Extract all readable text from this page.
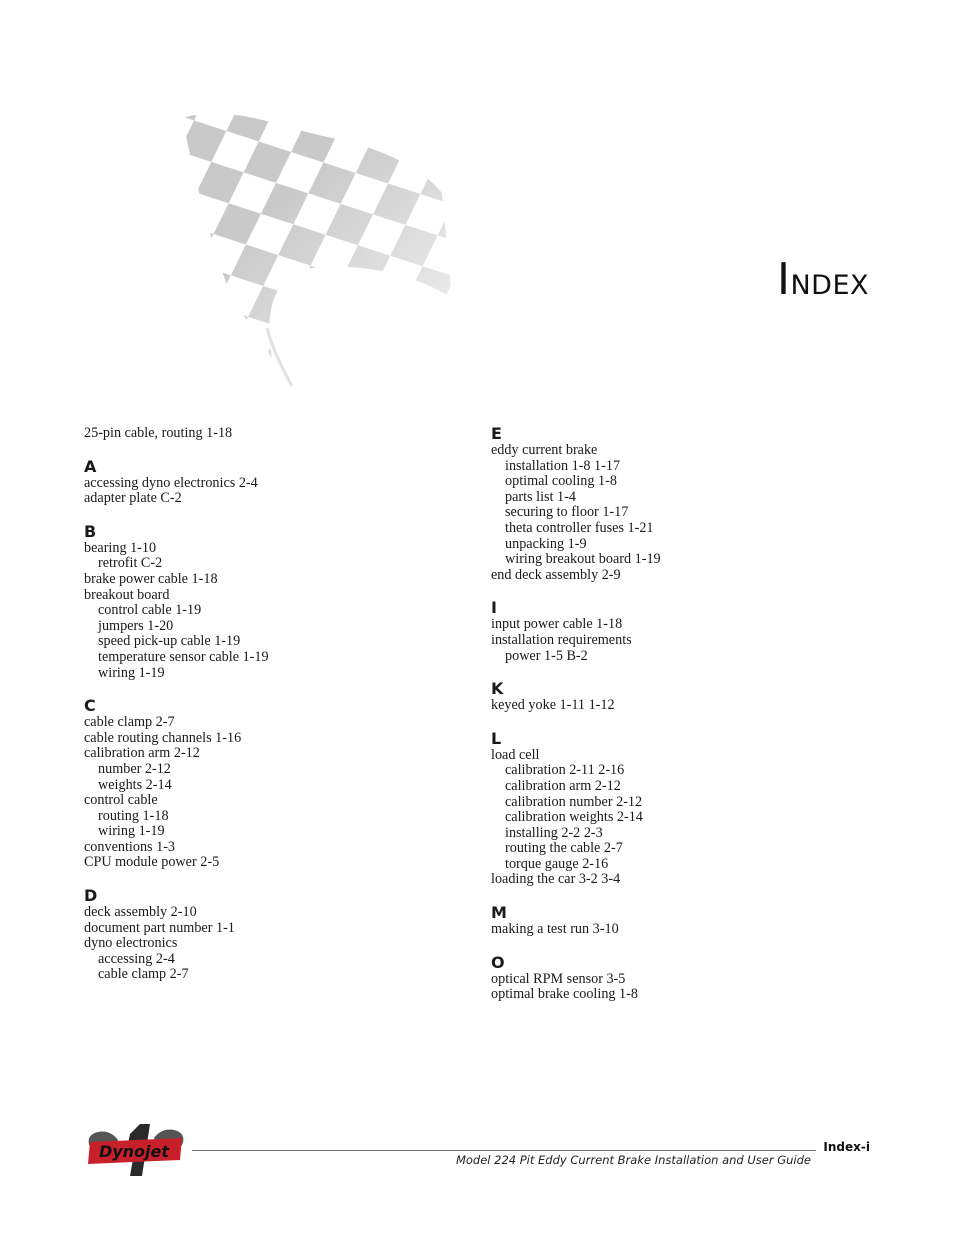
Index
25-pin cable, routing 1-18
A
accessing dyno electronics 2-4
adapter plate C-2
B
bearing 1-10
retrofit C-2
brake power cable 1-18
breakout board
control cable 1-19
jumpers 1-20
speed pick-up cable 1-19
temperature sensor cable 1-19
wiring 1-19
C
cable clamp 2-7
cable routing channels 1-16
calibration arm 2-12
number 2-12
weights 2-14
control cable
routing 1-18
wiring 1-19
conventions 1-3
CPU module power 2-5
D
deck assembly 2-10
document part number 1-1
dyno electronics
accessing 2-4
cable clamp 2-7
E
eddy current brake
installation 1-8 1-17
optimal cooling 1-8
parts list 1-4
securing to floor 1-17
theta controller fuses 1-21
unpacking 1-9
wiring breakout board 1-19
end deck assembly 2-9
I
input power cable 1-18
installation requirements
power 1-5 B-2
K
keyed yoke 1-11 1-12
L
load cell
calibration 2-11 2-16
calibration arm 2-12
calibration number 2-12
calibration weights 2-14
installing 2-2 2-3
routing the cable 2-7
torque gauge 2-16
loading the car 3-2 3-4
M
making a test run 3-10
O
optical RPM sensor 3-5
optimal brake cooling 1-8
Dynojet	Index-i
Model 224 Pit Eddy Current Brake Installation and User Guide
